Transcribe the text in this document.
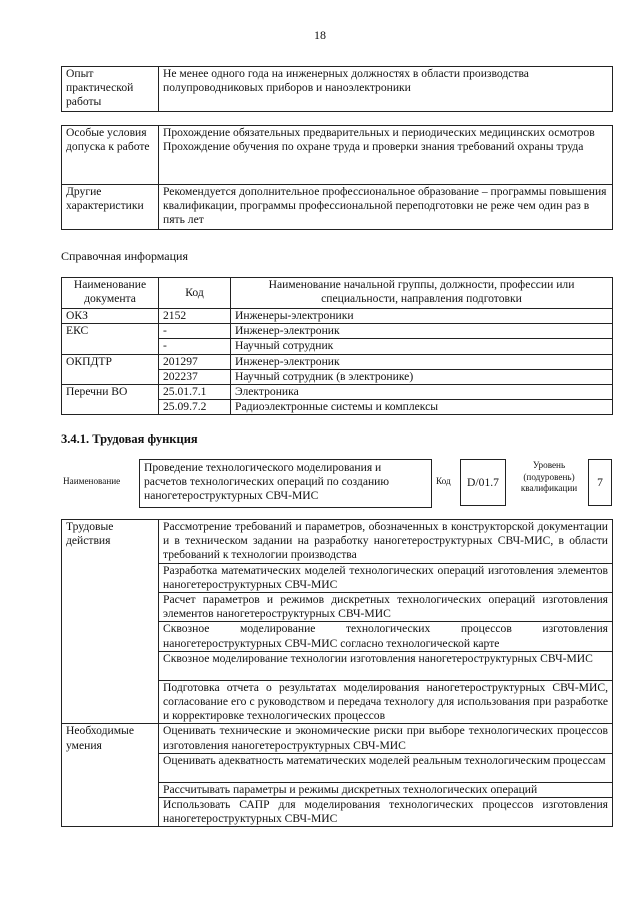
18
Опыт практической работы	Не менее одного года на инженерных должностях в области производства полупроводниковых приборов и наноэлектроники
Особые условия допуска к работе	Прохождение обязательных предварительных и периодических медицинских осмотров
Прохождение обучения по охране труда и проверки знания требований охраны труда

Другие характеристики	Рекомендуется дополнительное профессиональное образование – программы повышения квалификации, программы профессиональной переподготовки не реже чем один раз в пять лет
Справочная информация
Наименование документа	Код	Наименование начальной группы, должности, профессии или специальности, направления подготовки
ОКЗ	2152	Инженеры-электроники
ЕКС	-	Инженер-электроник
	-	Научный сотрудник
ОКПДТР	201297	Инженер-электроник
	202237	Научный сотрудник (в электронике)
Перечни ВО	25.01.7.1	Электроника
	25.09.7.2	Радиоэлектронные системы и комплексы
3.4.1. Трудовая функция
Наименование
Проведение технологического моделирования и расчетов технологических операций по созданию наногетероструктурных СВЧ-МИС
Код	D/01.7
Уровень (подуровень) квалификации	7
Трудовые действия	Рассмотрение требований и параметров, обозначенных в конструкторской документации и в техническом задании на разработку наногетероструктурных СВЧ-МИС, в области требований к технологии производства
	Разработка математических моделей технологических операций изготовления элементов наногетероструктурных СВЧ-МИС
	Расчет параметров и режимов дискретных технологических операций изготовления элементов наногетероструктурных СВЧ-МИС
	Сквозное моделирование технологических процессов изготовления наногетероструктурных СВЧ-МИС согласно технологической карте
	Сквозное моделирование технологии изготовления наногетероструктурных СВЧ-МИС
	Подготовка отчета о результатах моделирования наногетероструктурных СВЧ-МИС, согласование его с руководством и передача технологу для использования при разработке и корректировке технологических процессов
Необходимые умения	Оценивать технические и экономические риски при выборе технологических процессов изготовления наногетероструктурных СВЧ-МИС
	Оценивать адекватность математических моделей реальным технологическим процессам
	Рассчитывать параметры и режимы дискретных технологических операций
	Использовать САПР для моделирования технологических процессов изготовления наногетероструктурных СВЧ-МИС
